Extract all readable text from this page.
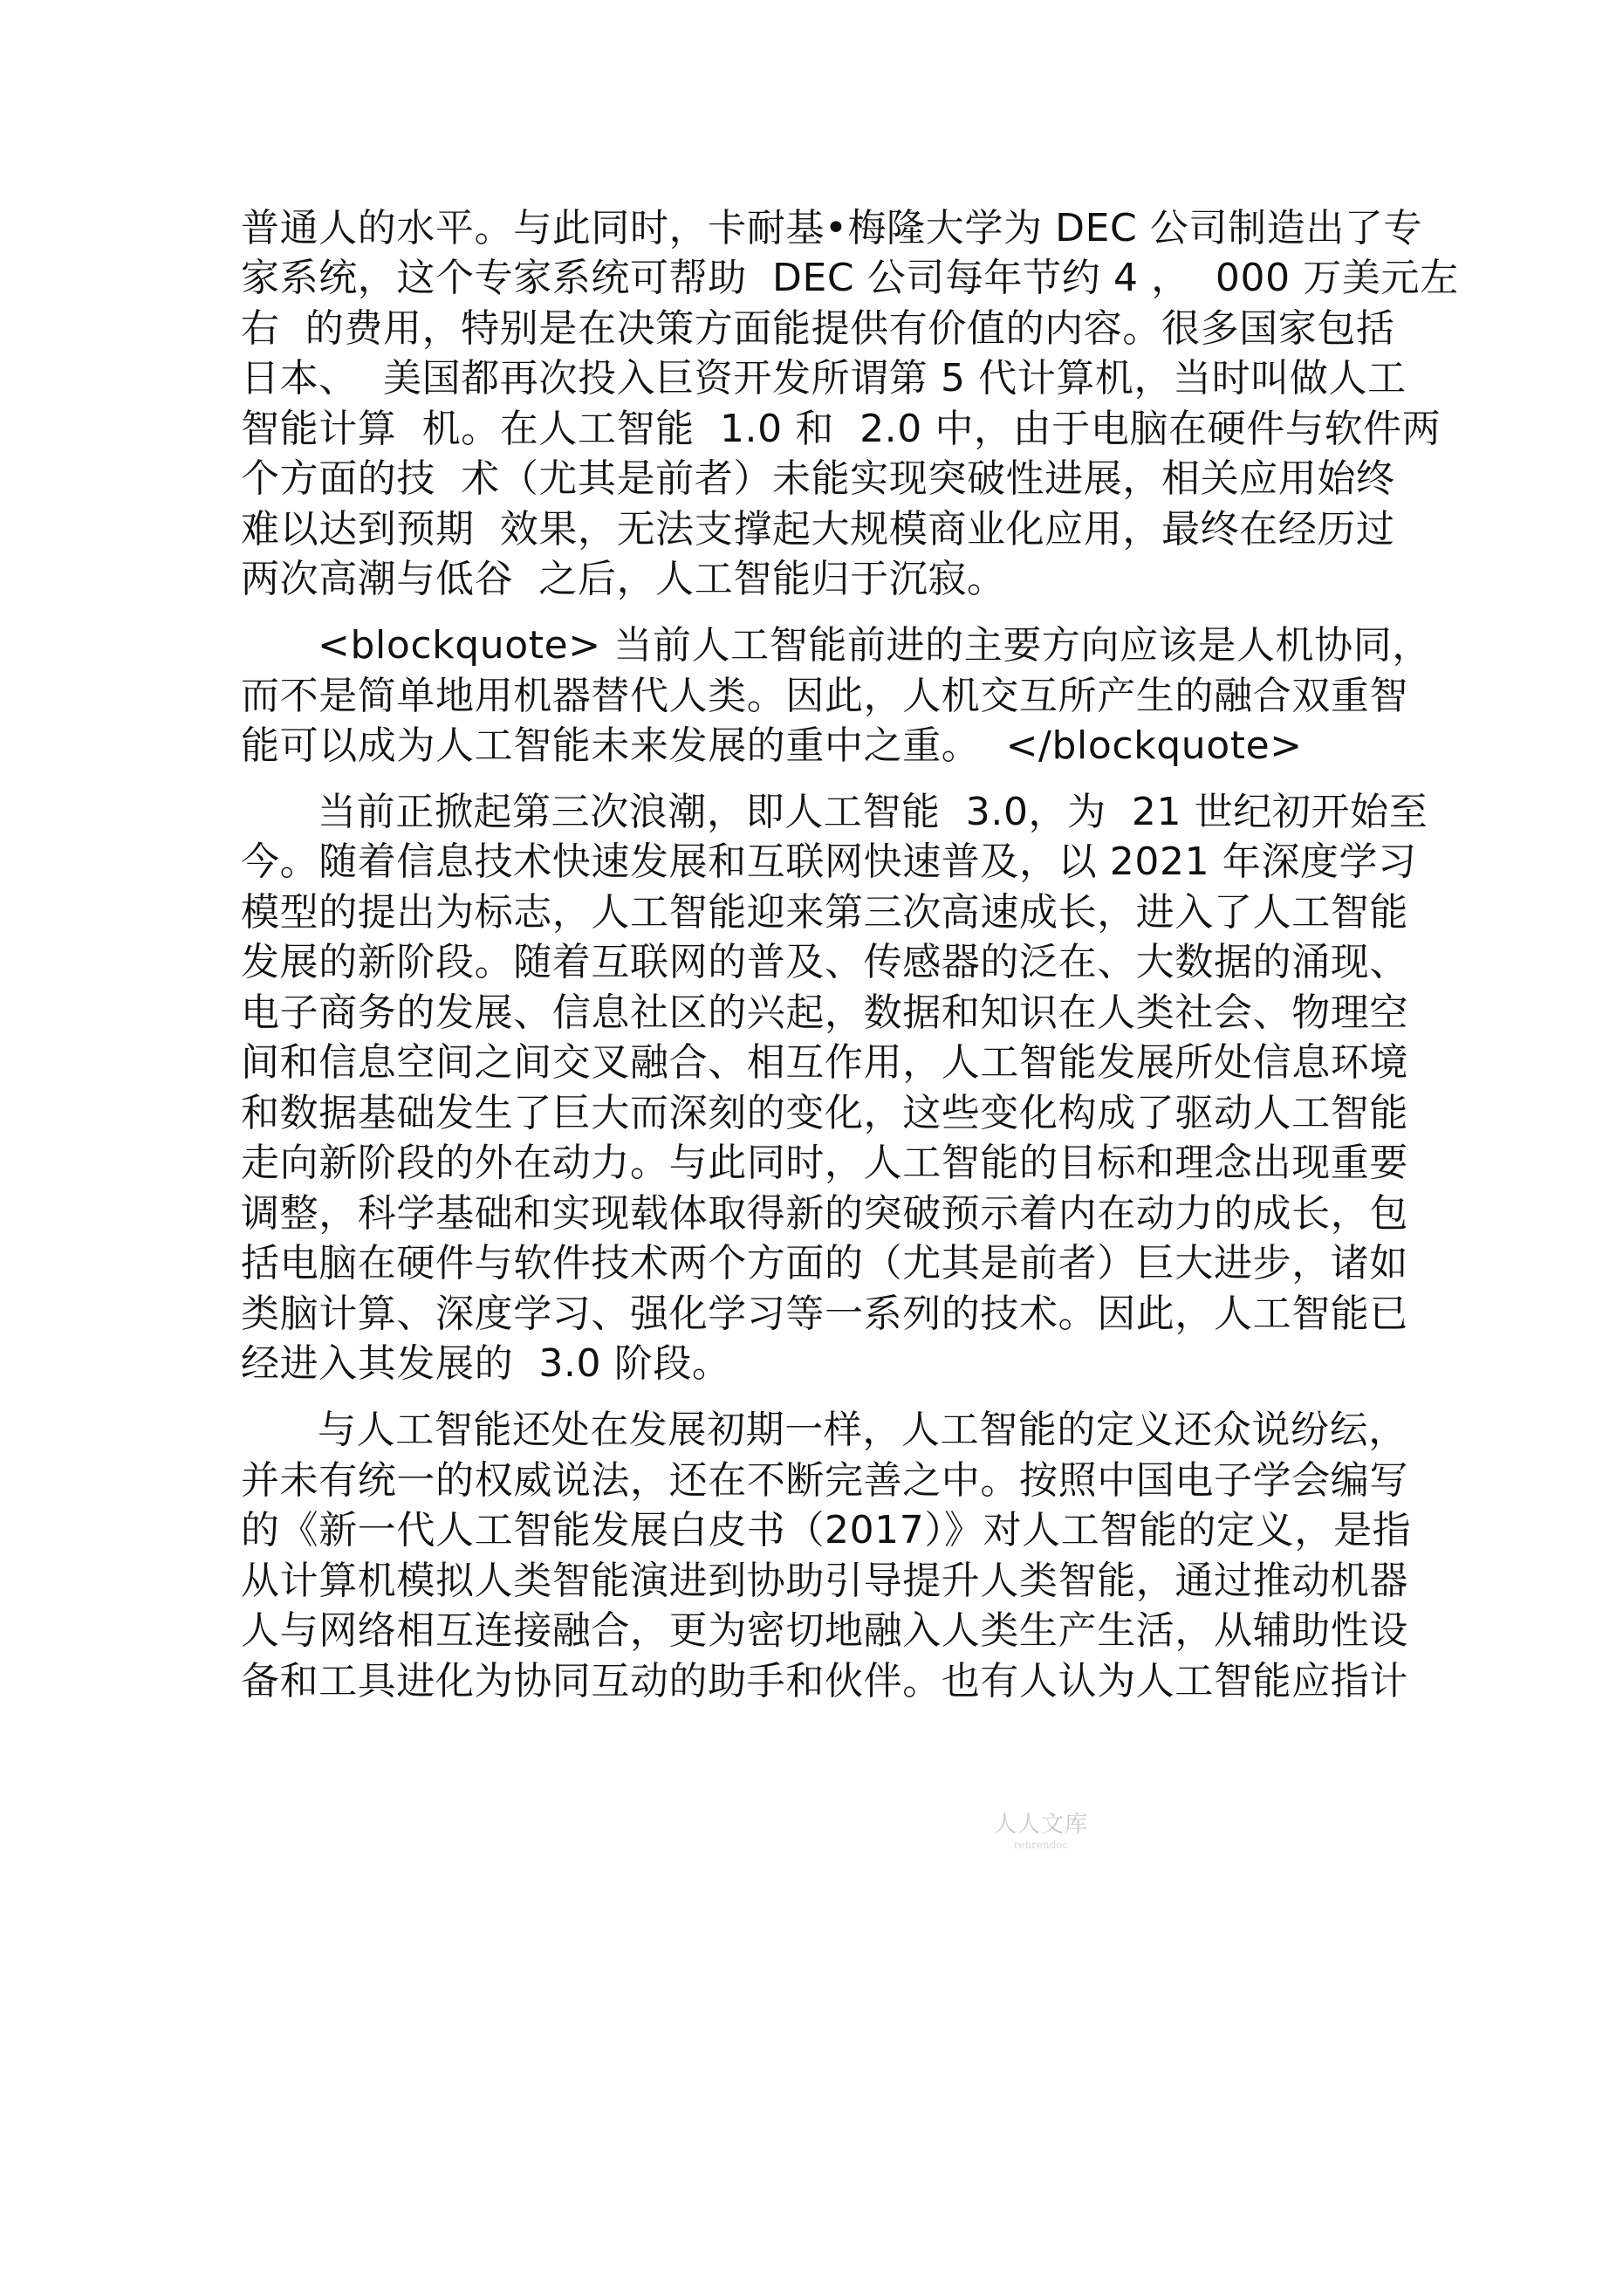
普通人的水平。与此同时，卡耐基•梅隆大学为 DEC 公司制造出了专
家系统，这个专家系统可帮助  DEC 公司每年节约 4 ，  000 万美元左
右  的费用，特别是在决策方面能提供有价值的内容。很多国家包括
日本、  美国都再次投入巨资开发所谓第 5 代计算机，当时叫做人工
智能计算  机。在人工智能  1.0 和  2.0 中，由于电脑在硬件与软件两
个方面的技  术（尤其是前者）未能实现突破性进展，相关应用始终
难以达到预期  效果，无法支撑起大规模商业化应用，最终在经历过
两次高潮与低谷  之后，人工智能归于沉寂。
<blockquote> 当前人工智能前进的主要方向应该是人机协同，
而不是简单地用机器替代人类。因此，人机交互所产生的融合双重智
能可以成为人工智能未来发展的重中之重。  </blockquote>
当前正掀起第三次浪潮，即人工智能  3.0，为  21 世纪初开始至
今。随着信息技术快速发展和互联网快速普及，以 2021 年深度学习
模型的提出为标志，人工智能迎来第三次高速成长，进入了人工智能
发展的新阶段。随着互联网的普及、传感器的泛在、大数据的涌现、
电子商务的发展、信息社区的兴起，数据和知识在人类社会、物理空
间和信息空间之间交叉融合、相互作用，人工智能发展所处信息环境
和数据基础发生了巨大而深刻的变化，这些变化构成了驱动人工智能
走向新阶段的外在动力。与此同时，人工智能的目标和理念出现重要
调整，科学基础和实现载体取得新的突破预示着内在动力的成长，包
括电脑在硬件与软件技术两个方面的（尤其是前者）巨大进步，诸如
类脑计算、深度学习、强化学习等一系列的技术。因此，人工智能已
经进入其发展的  3.0 阶段。
与人工智能还处在发展初期一样，人工智能的定义还众说纷纭，
并未有统一的权威说法，还在不断完善之中。按照中国电子学会编写
的《新一代人工智能发展白皮书（2017）》对人工智能的定义，是指
从计算机模拟人类智能演进到协助引导提升人类智能，通过推动机器
人与网络相互连接融合，更为密切地融入人类生产生活，从辅助性设
备和工具进化为协同互动的助手和伙伴。也有人认为人工智能应指计
人人文库
renrendoc
